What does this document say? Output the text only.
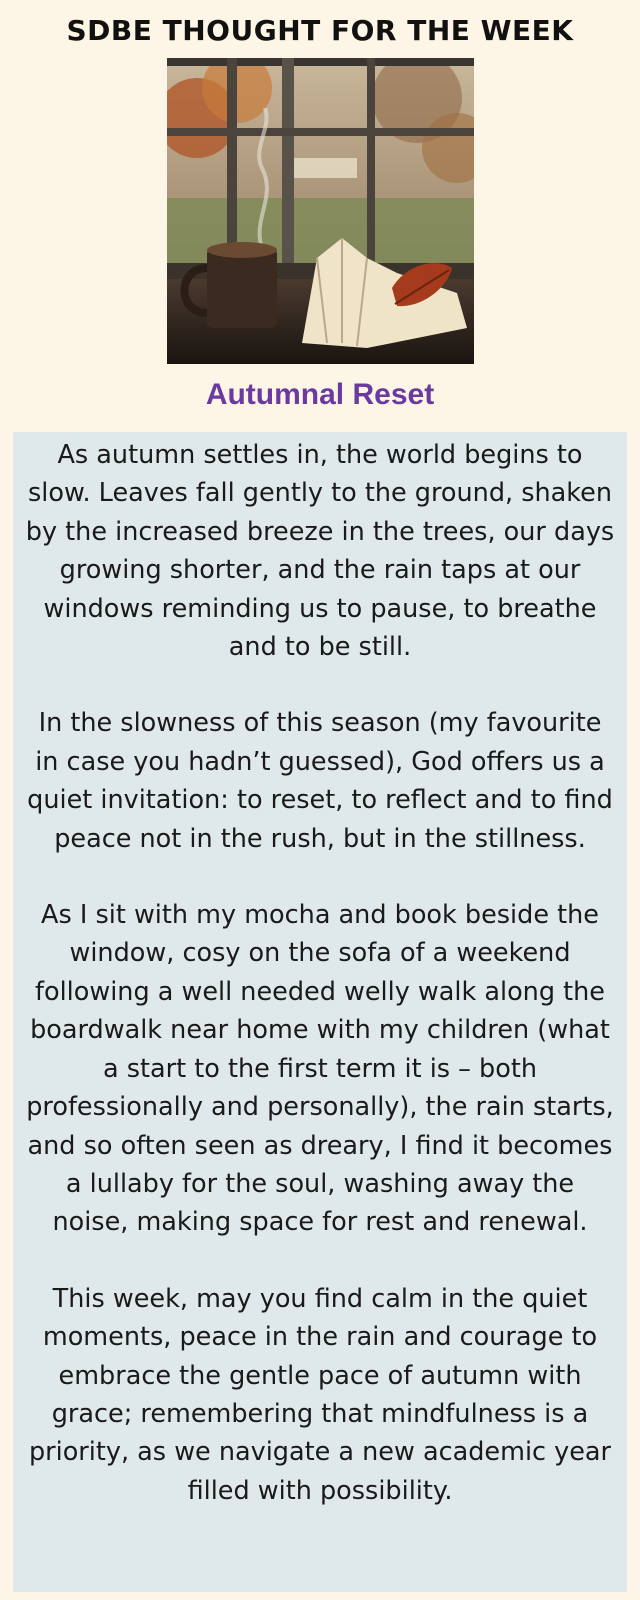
SDBE THOUGHT FOR THE WEEK
Autumnal Reset

As autumn settles in, the world begins to slow. Leaves fall gently to the ground, shaken by the increased breeze in the trees, our days growing shorter, and the rain taps at our windows reminding us to pause, to breathe and to be still.

In the slowness of this season (my favourite in case you hadn’t guessed), God offers us a quiet invitation: to reset, to reflect and to find peace not in the rush, but in the stillness.

As I sit with my mocha and book beside the window, cosy on the sofa of a weekend following a well needed welly walk along the boardwalk near home with my children (what a start to the first term it is – both professionally and personally), the rain starts, and so often seen as dreary, I find it becomes a lullaby for the soul, washing away the noise, making space for rest and renewal.

This week, may you find calm in the quiet moments, peace in the rain and courage to embrace the gentle pace of autumn with grace; remembering that mindfulness is a priority, as we navigate a new academic year filled with possibility.
